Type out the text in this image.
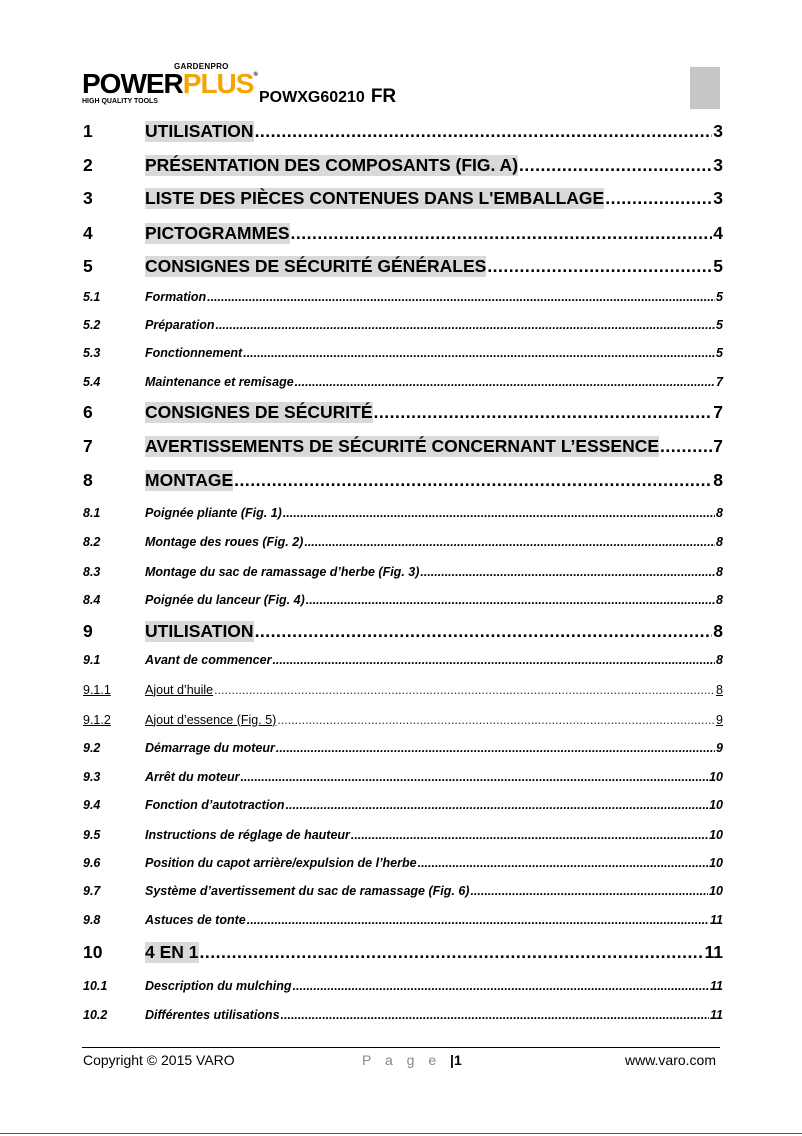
GARDENPRO
POWERPLUS®
HIGH QUALITY TOOLS	POWXG60210 FR
1	UTILISATION .....	3
2	PRÉSENTATION DES COMPOSANTS (FIG. A) .....	3
3	LISTE DES PIÈCES CONTENUES DANS L'EMBALLAGE .....	3
4	PICTOGRAMMES .....	4
5	CONSIGNES DE SÉCURITÉ GÉNÉRALES .....	5
5.1	Formation .....	5
5.2	Préparation .....	5
5.3	Fonctionnement .....	5
5.4	Maintenance et remisage .....	7
6	CONSIGNES DE SÉCURITÉ .....	7
7	AVERTISSEMENTS DE SÉCURITÉ CONCERNANT L’ESSENCE .....	7
8	MONTAGE .....	8
8.1	Poignée pliante (Fig. 1) .....	8
8.2	Montage des roues (Fig. 2) .....	8
8.3	Montage du sac de ramassage d’herbe (Fig. 3) .....	8
8.4	Poignée du lanceur (Fig. 4) .....	8
9	UTILISATION .....	8
9.1	Avant de commencer .....	8
9.1.1	Ajout d’huile .....	8
9.1.2	Ajout d’essence (Fig. 5) .....	9
9.2	Démarrage du moteur .....	9
9.3	Arrêt du moteur .....	10
9.4	Fonction d’autotraction .....	10
9.5	Instructions de réglage de hauteur .....	10
9.6	Position du capot arrière/expulsion de l’herbe .....	10
9.7	Système d’avertissement du sac de ramassage (Fig. 6) .....	10
9.8	Astuces de tonte .....	11
10	4 EN 1 .....	11
10.1	Description du mulching .....	11
10.2	Différentes utilisations .....	11
Copyright © 2015 VARO	P a g e |1	www.varo.com
